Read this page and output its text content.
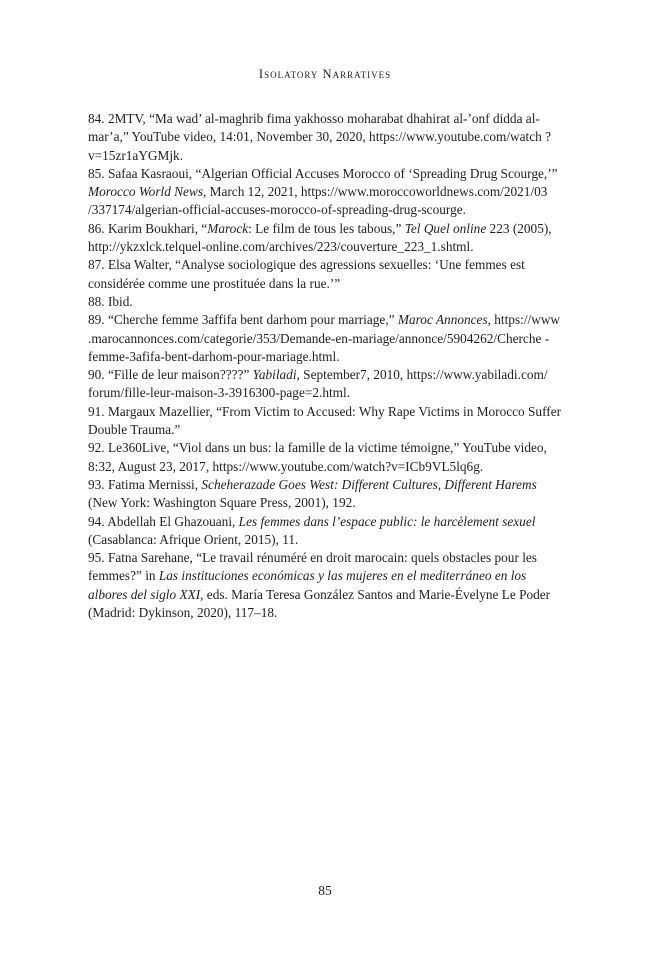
Isolatory Narratives

84. 2MTV, “Ma wad’ al-maghrib fima yakhosso moharabat dhahirat al-’onf didda al-mar’a,” YouTube video, 14:01, November 30, 2020, https://www.youtube.com/watch ?v=15zr1aYGMjk.

85. Safaa Kasraoui, “Algerian Official Accuses Morocco of ‘Spreading Drug Scourge,’” Morocco World News, March 12, 2021, https://www.moroccoworldnews.com/2021/03 /337174/algerian-official-accuses-morocco-of-spreading-drug-scourge.

86. Karim Boukhari, “Marock: Le film de tous les tabous,” Tel Quel online 223 (2005), http://ykzxlck.telquel-online.com/archives/223/couverture_223_1.shtml.

87. Elsa Walter, “Analyse sociologique des agressions sexuelles: ‘Une femmes est considérée comme une prostituée dans la rue.’”

88. Ibid.

89. “Cherche femme 3affifa bent darhom pour marriage,” Maroc Annonces, https://www .marocannonces.com/categorie/353/Demande-en-mariage/annonce/5904262/Cherche -femme-3afifa-bent-darhom-pour-mariage.html.

90. “Fille de leur maison????” Yabiladi, September7, 2010, https://www.yabiladi.com/ forum/fille-leur-maison-3-3916300-page=2.html.

91. Margaux Mazellier, “From Victim to Accused: Why Rape Victims in Morocco Suffer Double Trauma.”

92. Le360Live, “Viol dans un bus: la famille de la victime témoigne,” YouTube video, 8:32, August 23, 2017, https://www.youtube.com/watch?v=ICb9VL5lq6g.

93. Fatima Mernissi, Scheherazade Goes West: Different Cultures, Different Harems (New York: Washington Square Press, 2001), 192.

94. Abdellah El Ghazouani, Les femmes dans l’espace public: le harcèlement sexuel (Casablanca: Afrique Orient, 2015), 11.

95. Fatna Sarehane, “Le travail rénuméré en droit marocain: quels obstacles pour les femmes?” in Las instituciones económicas y las mujeres en el mediterráneo en los albores del siglo XXI, eds. María Teresa González Santos and Marie-Évelyne Le Poder (Madrid: Dykinson, 2020), 117–18.

85
